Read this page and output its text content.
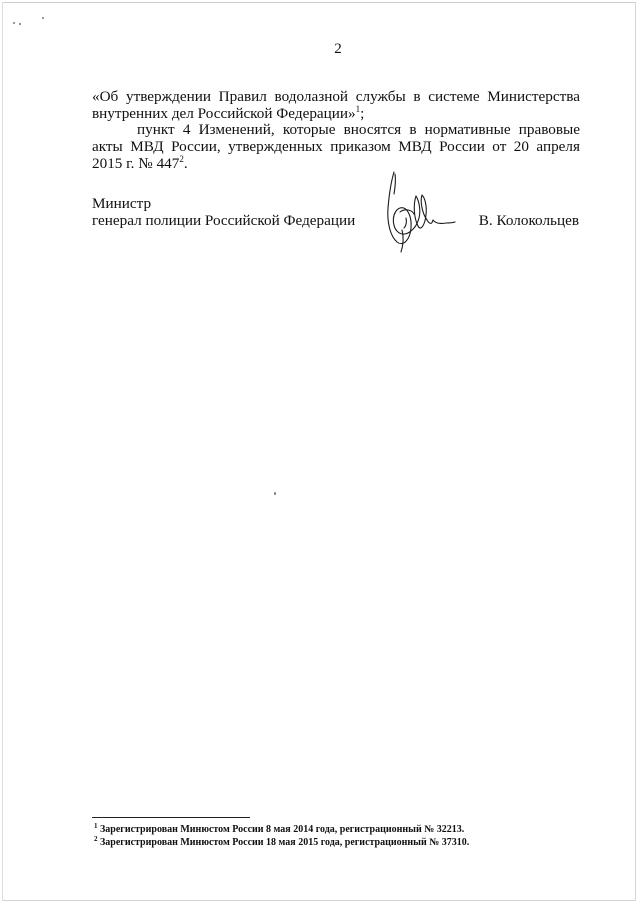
2
«Об утверждении Правил водолазной службы в системе Министерства внутренних дел Российской Федерации»$^1$;
пункт 4 Изменений, которые вносятся в нормативные правовые акты МВД России, утвержденных приказом МВД России от 20 апреля 2015 г. № $447^2$.
Министр
генерал полиции Российской Федерации	В. Колокольцев
$^1$ Зарегистрирован Минюстом России 8 мая 2014 года, регистрационный № 32213.
$^2$ Зарегистрирован Минюстом России 18 мая 2015 года, регистрационный № 37310.
